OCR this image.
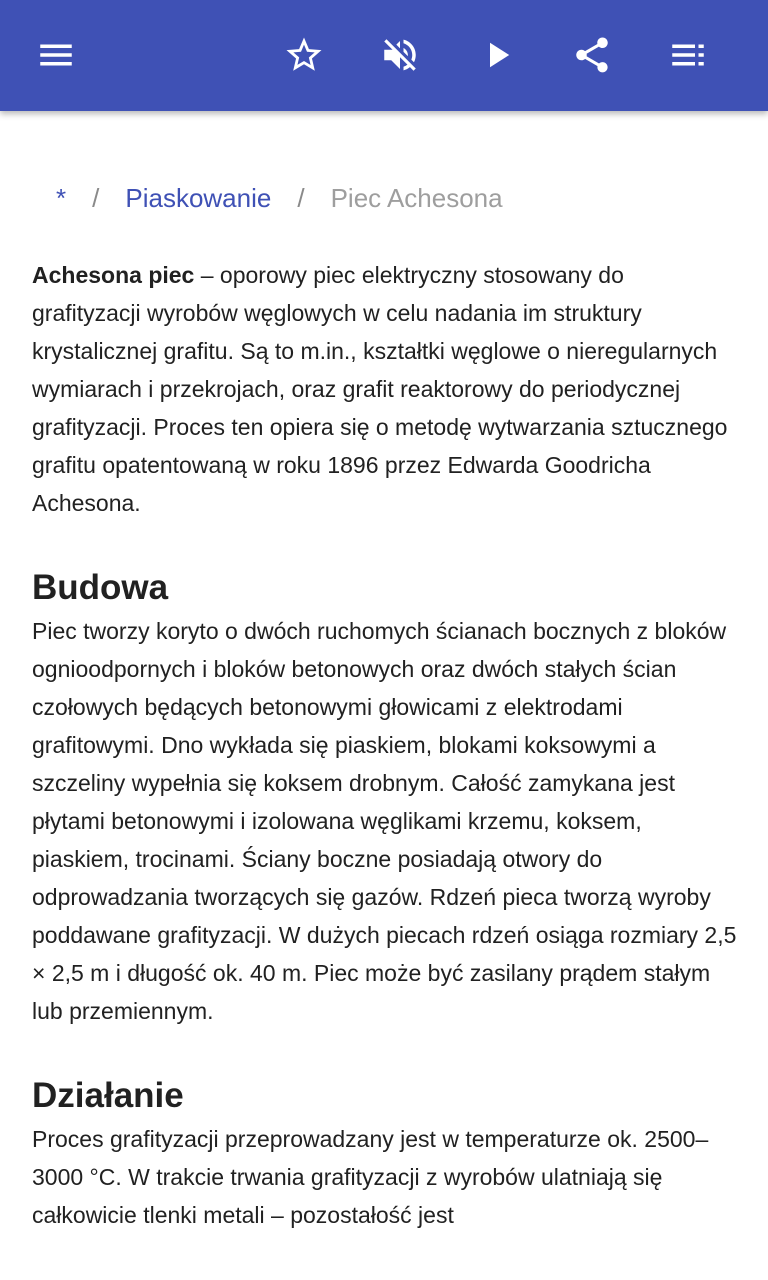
* / Piaskowanie / Piec Achesona

Achesona piec – oporowy piec elektryczny stosowany do grafityzacji wyrobów węglowych w celu nadania im struktury krystalicznej grafitu. Są to m.in., kształtki węglowe o nieregularnych wymiarach i przekrojach, oraz grafit reaktorowy do periodycznej grafityzacji. Proces ten opiera się o metodę wytwarzania sztucznego grafitu opatentowaną w roku 1896 przez Edwarda Goodricha Achesona.

Budowa

Piec tworzy koryto o dwóch ruchomych ścianach bocznych z bloków ognioodpornych i bloków betonowych oraz dwóch stałych ścian czołowych będących betonowymi głowicami z elektrodami grafitowymi. Dno wykłada się piaskiem, blokami koksowymi a szczeliny wypełnia się koksem drobnym. Całość zamykana jest płytami betonowymi i izolowana węglikami krzemu, koksem, piaskiem, trocinami. Ściany boczne posiadają otwory do odprowadzania tworzących się gazów. Rdzeń pieca tworzą wyroby poddawane grafityzacji. W dużych piecach rdzeń osiąga rozmiary 2,5 × 2,5 m i długość ok. 40 m. Piec może być zasilany prądem stałym lub przemiennym.

Działanie

Proces grafityzacji przeprowadzany jest w temperaturze ok. 2500–3000 °C. W trakcie trwania grafityzacji z wyrobów ulatniają się całkowicie tlenki metali – pozostałość jest
